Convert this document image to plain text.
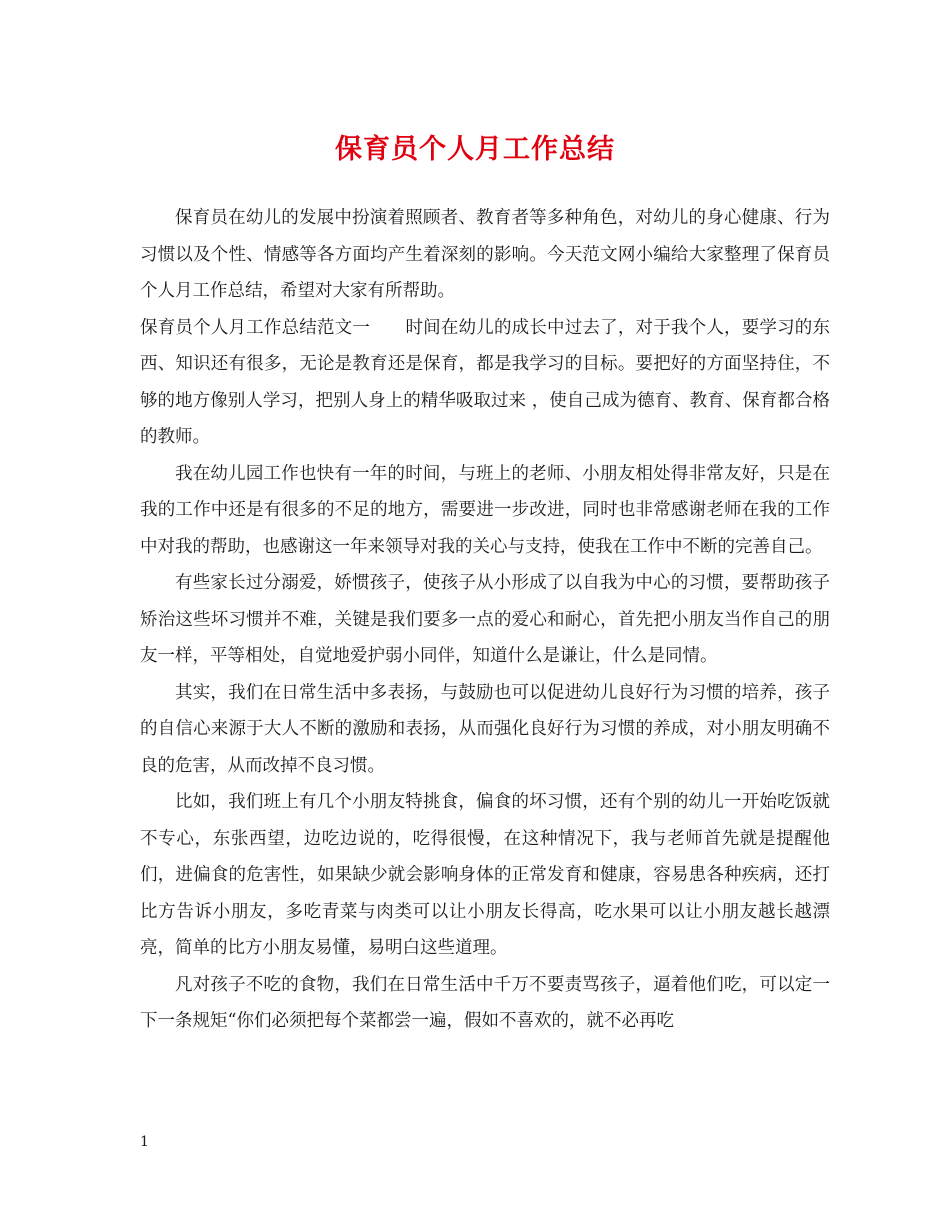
保育员个人月工作总结

保育员在幼儿的发展中扮演着照顾者、教育者等多种角色，对幼儿的身心健康、行为习惯以及个性、情感等各方面均产生着深刻的影响。今天范文网小编给大家整理了保育员个人月工作总结，希望对大家有所帮助。

保育员个人月工作总结范文一　　时间在幼儿的成长中过去了，对于我个人，要学习的东西、知识还有很多，无论是教育还是保育，都是我学习的目标。要把好的方面坚持住，不够的地方像别人学习，把别人身上的精华吸取过来 ，使自己成为德育、教育、保育都合格的教师。

我在幼儿园工作也快有一年的时间，与班上的老师、小朋友相处得非常友好，只是在我的工作中还是有很多的不足的地方，需要进一步改进，同时也非常感谢老师在我的工作中对我的帮助，也感谢这一年来领导对我的关心与支持，使我在工作中不断的完善自己。

有些家长过分溺爱，娇惯孩子，使孩子从小形成了以自我为中心的习惯，要帮助孩子矫治这些坏习惯并不难，关键是我们要多一点的爱心和耐心，首先把小朋友当作自己的朋友一样，平等相处，自觉地爱护弱小同伴，知道什么是谦让，什么是同情。

其实，我们在日常生活中多表扬，与鼓励也可以促进幼儿良好行为习惯的培养，孩子的自信心来源于大人不断的激励和表扬，从而强化良好行为习惯的养成，对小朋友明确不良的危害，从而改掉不良习惯。

比如，我们班上有几个小朋友特挑食，偏食的坏习惯，还有个别的幼儿一开始吃饭就不专心，东张西望，边吃边说的，吃得很慢，在这种情况下，我与老师首先就是提醒他们，进偏食的危害性，如果缺少就会影响身体的正常发育和健康，容易患各种疾病，还打比方告诉小朋友，多吃青菜与肉类可以让小朋友长得高，吃水果可以让小朋友越长越漂亮，简单的比方小朋友易懂，易明白这些道理。

凡对孩子不吃的食物，我们在日常生活中千万不要责骂孩子，逼着他们吃，可以定一下一条规矩“你们必须把每个菜都尝一遍，假如不喜欢的，就不必再吃

1
